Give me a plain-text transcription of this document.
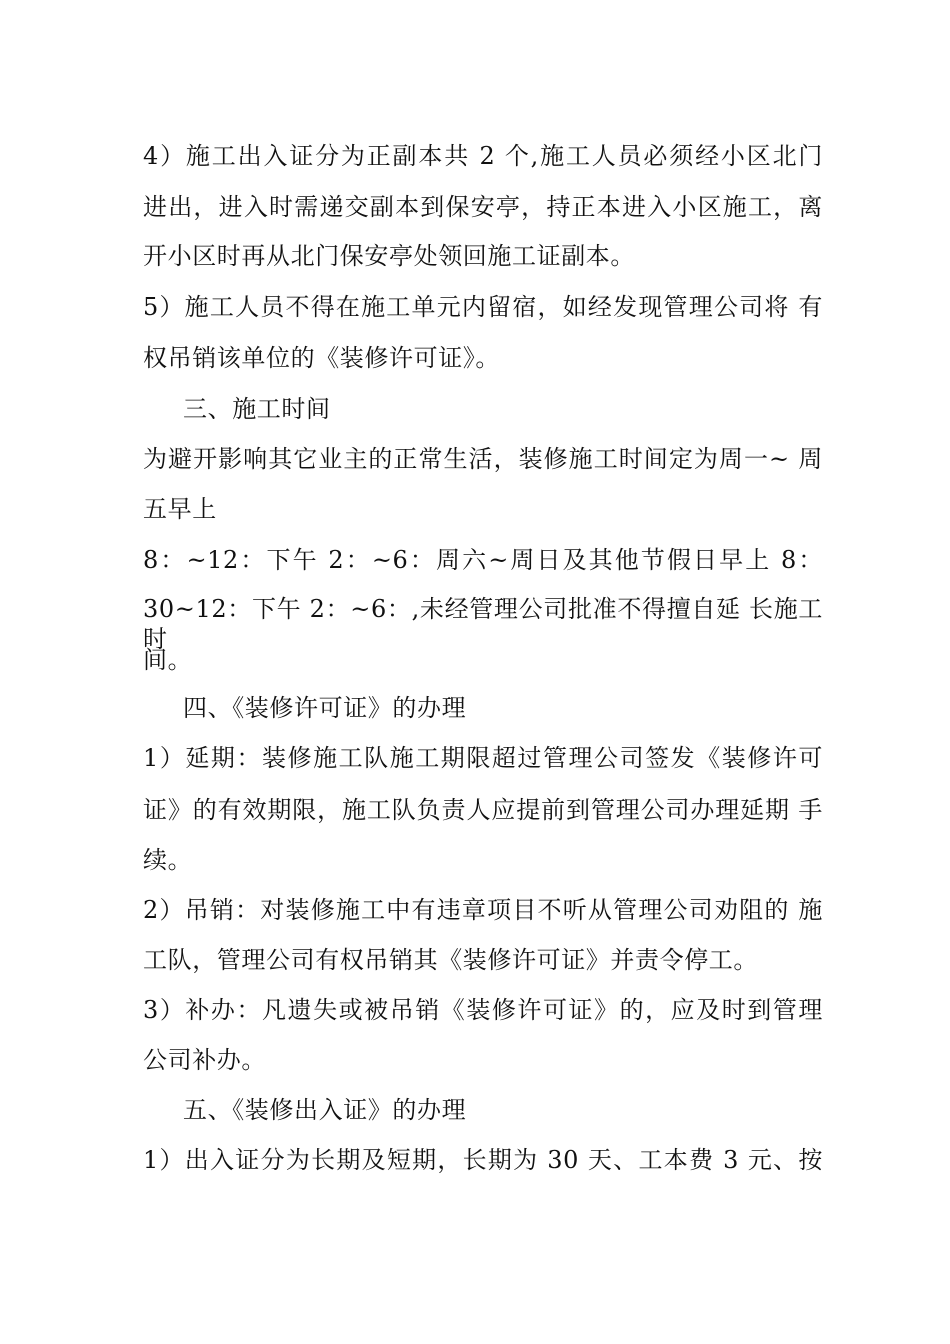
4）施工出入证分为正副本共 2 个,施工人员必须经小区北门
进出，进入时需递交副本到保安亭，持正本进入小区施工，离
开小区时再从北门保安亭处领回施工证副本。
5）施工人员不得在施工单元内留宿，如经发现管理公司将 有
权吊销该单位的《装修许可证》。
三、施工时间
为避开影响其它业主的正常生活，装修施工时间定为周一~ 周
五早上
8：~12：下午 2：~6：周六~周日及其他节假日早上 8：
30~12：下午 2：~6：,未经管理公司批准不得擅自延 长施工时
间。
四、《装修许可证》的办理
1）延期：装修施工队施工期限超过管理公司签发《装修许可
证》的有效期限，施工队负责人应提前到管理公司办理延期 手
续。
2）吊销：对装修施工中有违章项目不听从管理公司劝阻的 施
工队，管理公司有权吊销其《装修许可证》并责令停工。
3）补办：凡遗失或被吊销《装修许可证》的，应及时到管理
公司补办。
五、《装修出入证》的办理
1）出入证分为长期及短期，长期为 30 天、工本费 3 元、按
